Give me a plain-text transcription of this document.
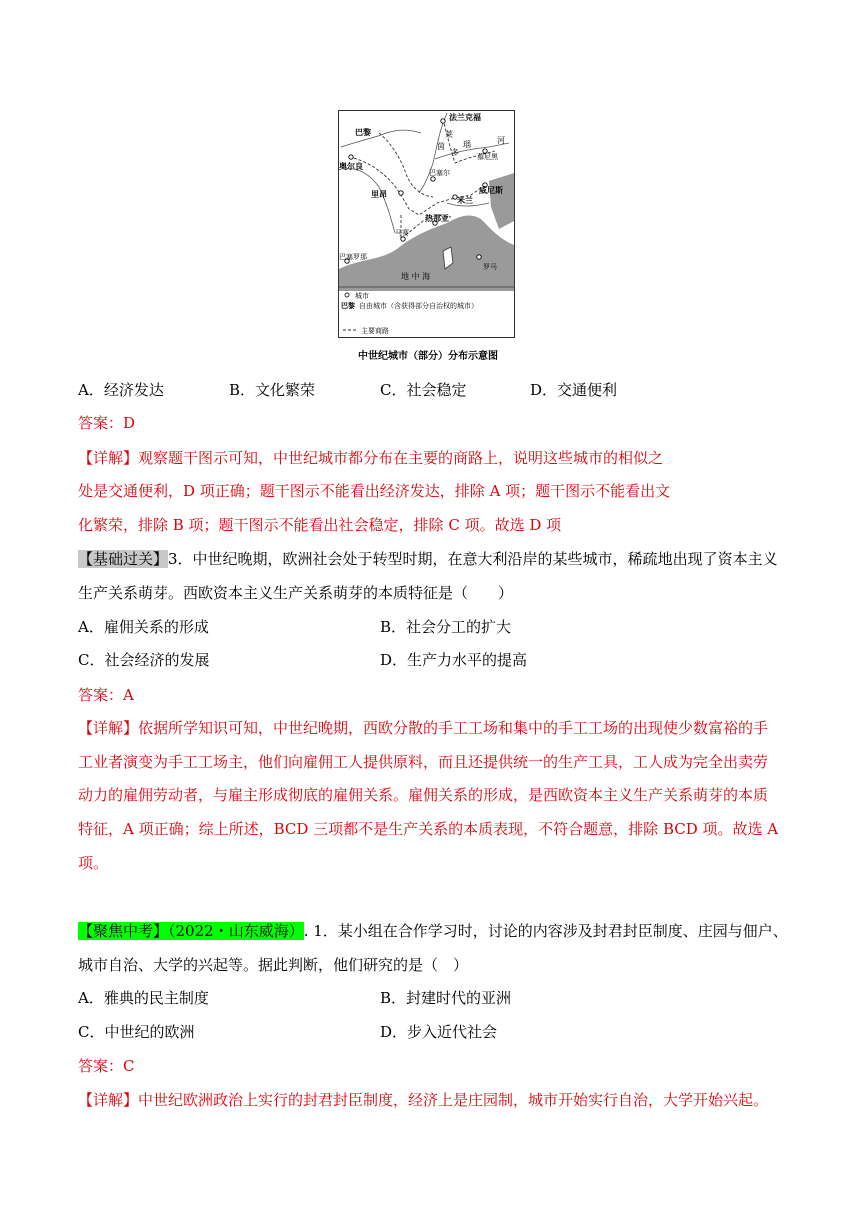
法兰克福
巴黎	莱
茵
多
瑙	河
奥尔良
慕尼黑
巴塞尔
里昂	威尼斯
米兰
热那亚
马赛
巴塞罗那
地 中 海
罗马
城市
巴黎 自由城市（含获得部分自治权的城市）
主要商路
中世纪城市（部分）分布示意图
A．经济发达	B．文化繁荣	C．社会稳定	D．交通便利
答案：D
【详解】观察题干图示可知，中世纪城市都分布在主要的商路上，说明这些城市的相似之
处是交通便利，D 项正确；题干图示不能看出经济发达，排除 A 项；题干图示不能看出文
化繁荣，排除 B 项；题干图示不能看出社会稳定，排除 C 项。故选 D 项
【基础过关】3．中世纪晚期，欧洲社会处于转型时期，在意大利沿岸的某些城市，稀疏地出现了资本主义
生产关系萌芽。西欧资本主义生产关系萌芽的本质特征是（　　）
A．雇佣关系的形成	B．社会分工的扩大
C．社会经济的发展	D．生产力水平的提高
答案：A
【详解】依据所学知识可知，中世纪晚期，西欧分散的手工工场和集中的手工工场的出现使少数富裕的手
工业者演变为手工工场主，他们向雇佣工人提供原料，而且还提供统一的生产工具，工人成为完全出卖劳
动力的雇佣劳动者，与雇主形成彻底的雇佣关系。雇佣关系的形成，是西欧资本主义生产关系萌芽的本质
特征，A 项正确；综上所述，BCD 三项都不是生产关系的本质表现，不符合题意，排除 BCD 项。故选 A
项。
【聚焦中考】（2022・山东威海）. 1．某小组在合作学习时，讨论的内容涉及封君封臣制度、庄园与佃户、
城市自治、大学的兴起等。据此判断，他们研究的是（　）
A．雅典的民主制度	B．封建时代的亚洲
C．中世纪的欧洲	D．步入近代社会
答案：C
【详解】中世纪欧洲政治上实行的封君封臣制度，经济上是庄园制，城市开始实行自治，大学开始兴起。
